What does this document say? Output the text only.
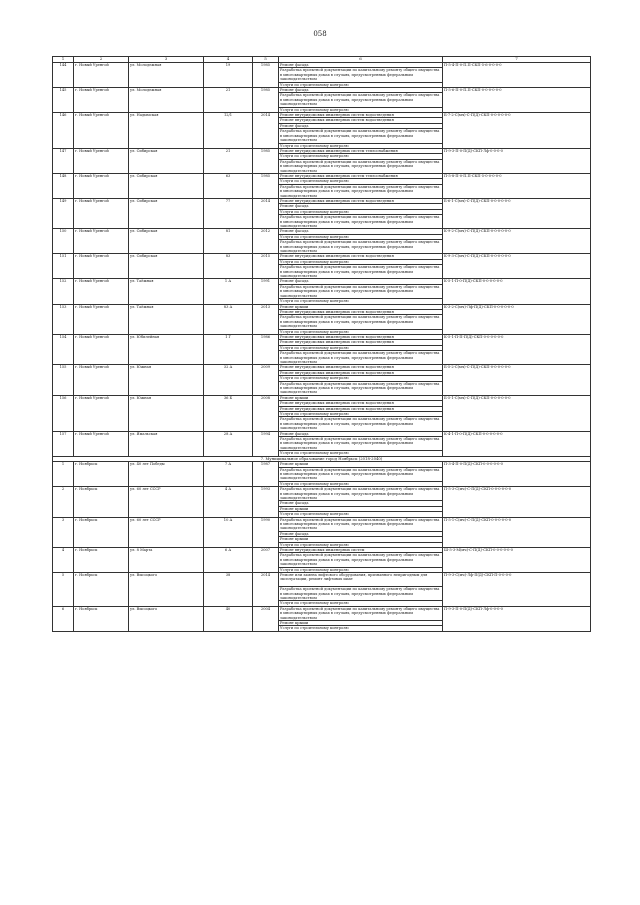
058
1	2	3	4	5	6	7
144	г. Новый Уренгой	ул. Молодежная	19	1985	Ремонт фасада	П-5-4-П-0-П.П-СКП-5-6-0-0-0-0
					Разработка проектной документации по капитальному ремонту общего имущества в многоквартирных домах в случаях, предусмотренных федеральным законодательством	
					Услуги по строительному контролю	
145	г. Новый Уренгой	ул. Молодежная	21	1985	Ремонт фасада	П-5-6-П-0-П.П-СКП-0-0-0-0-0-0
					Разработка проектной документации по капитальному ремонту общего имущества в многоквартирных домах в случаях, предусмотренных федеральным законодательством	
					Услуги по строительному контролю	
146	г. Новый Уренгой	ул. Надымская	12/1	2014	Ремонт внутридомовых инженерных систем водоотведения	Б-7-2-С(мч)-С-П(Д)-СКП-0-0-0-0-0-0
					Ремонт внутридомовых инженерных систем водоотведения	
					Ремонт фасада	
					Разработка проектной документации по капитальному ремонту общего имущества в многоквартирных домах в случаях, предусмотренных федеральным законодательством	
					Услуги по строительному контролю	
147	г. Новый Уренгой	ул. Сибирская	21	1985	Ремонт внутридомовых инженерных систем теплоснабжения	П-9-3-П-0-П(Д)-СКП-Лф-0-0-0-0
					Услуги по строительному контролю	
					Разработка проектной документации по капитальному ремонту общего имущества в многоквартирных домах в случаях, предусмотренных федеральным законодательством	
148	г. Новый Уренгой	ул. Сибирская	63	1985	Ремонт внутридомовых инженерных систем теплоснабжения	П-5-8-П-0-П.П-СКП-5-0-0-0-0-0
					Услуги по строительному контролю	
					Разработка проектной документации по капитальному ремонту общего имущества в многоквартирных домах в случаях, предусмотренных федеральным законодательством	
149	г. Новый Уренгой	ул. Сибирская	77	2014	Ремонт внутридомовых инженерных систем водоотведения	Б-6-1-С(мч)-С-П(Д)-СКП-0-0-0-0-0-0
					Ремонт фасада	
					Услуги по строительному контролю	
					Разработка проектной документации по капитальному ремонту общего имущества в многоквартирных домах в случаях, предусмотренных федеральным законодательством	
150	г. Новый Уренгой	ул. Сибирская	81	2012	Ремонт фасада	К-9-2-С(мч)-С-П(Д)-СКП-0-0-0-0-0-0
					Услуги по строительному контролю	
					Разработка проектной документации по капитальному ремонту общего имущества в многоквартирных домах в случаях, предусмотренных федеральным законодательством	
151	г. Новый Уренгой	ул. Сибирская	83	2015	Ремонт внутридомовых инженерных систем водоотведения	К-9-3-С(мч)-С-П(Д)-СКП-0-0-0-0-0-0
					Услуги по строительному контролю	
					Разработка проектной документации по капитальному ремонту общего имущества в многоквартирных домах в случаях, предусмотренных федеральным законодательством	
152	г. Новый Уренгой	ул. Таёжная	1 А	1991	Ремонт фасада	К-5-1-П-0-П(Д)-СКП-0-0-0-0-0-0
					Разработка проектной документации по капитальному ремонту общего имущества в многоквартирных домах в случаях, предусмотренных федеральным законодательством	
					Услуги по строительному контролю	
153	г. Новый Уренгой	ул. Таёжная	83 А	2013	Ремонт крыши	К-3-2-С(мч)-Лф-П(Д)-СКП-0-0-0-0-0-0
					Ремонт внутридомовых инженерных систем водоотведения	
					Разработка проектной документации по капитальному ремонту общего имущества в многоквартирных домах в случаях, предусмотренных федеральным законодательством	
					Услуги по строительному контролю	
154	г. Новый Уренгой	ул. Юбилейная	1 Г	1986	Ремонт внутридомовых инженерных систем водоотведения	К-5-1-П-П-П(Д)-СКП-0-0-0-0-0-0
					Ремонт внутридомовых инженерных систем водоотведения	
					Услуги по строительному контролю	
					Разработка проектной документации по капитальному ремонту общего имущества в многоквартирных домах в случаях, предусмотренных федеральным законодательством	
155	г. Новый Уренгой	ул. Южная	32 А	2009	Ремонт внутридомовых инженерных систем водоотведения	Б-5-2-С(мч)-С-П(Д)-СКП-0-0-0-0-0-0
					Ремонт внутридомовых инженерных систем водоотведения	
					Услуги по строительному контролю	
					Разработка проектной документации по капитальному ремонту общего имущества в многоквартирных домах в случаях, предусмотренных федеральным законодательством	
156	г. Новый Уренгой	ул. Южная	36 Б	2008	Ремонт крыши	Б-5-1-С(мч)-С-П(Д)-СКП-0-0-0-0-0-0
					Ремонт внутридомовых инженерных систем водоотведения	
					Ремонт внутридомовых инженерных систем водоотведения	
					Услуги по строительному контролю	
					Разработка проектной документации по капитальному ремонту общего имущества в многоквартирных домах в случаях, предусмотренных федеральным законодательством	
157	г. Новый Уренгой	ул. Ямальская	28 А	1994	Ремонт фасада	К-4-1-П-0-П(Д)-СКП-0-0-0-0-0-0
					Разработка проектной документации по капитальному ремонту общего имущества в многоквартирных домах в случаях, предусмотренных федеральным законодательством	
					Услуги по строительному контролю	
7. Муниципальное образование город Ноябрьск (2018-2040)						
1	г. Ноябрьск	ул. 40 лет Победы	7 А	1987	Ремонт крыши	П-3-4-П-0-П(Д)-СКП-0-0-0-0-0-0
					Разработка проектной документации по капитальному ремонту общего имущества в многоквартирных домах в случаях, предусмотренных федеральным законодательством	
					Услуги по строительному контролю	
2	г. Ноябрьск	ул. 60 лет СССР	4 А	1993	Разработка проектной документации по капитальному ремонту общего имущества в многоквартирных домах в случаях, предусмотренных федеральным законодательством	П-5-3-С(мч)-С-П(Д)-СКП-0-0-0-0-0-0
					Ремонт фасада	
					Ремонт крыши	
					Услуги по строительному контролю	
3	г. Ноябрьск	ул. 60 лет СССР	10 А	1990	Разработка проектной документации по капитальному ремонту общего имущества в многоквартирных домах в случаях, предусмотренных федеральным законодательством	П-5-1-С(мч)-С-П(Д)-СКП-0-0-0-0-0-0
					Ремонт фасада	
					Ремонт крыши	
					Услуги по строительному контролю	
4	г. Ноябрьск	ул. 8 Марта	6 А	2007	Ремонт внутридомовых инженерных систем	Ш-5-3-М(мч)-С-П(Д)-СКП-0-0-0-0-0-0
					Разработка проектной документации по капитальному ремонту общего имущества в многоквартирных домах в случаях, предусмотренных федеральным законодательством	
					Услуги по строительному контролю	
5	г. Ноябрьск	ул. Высоцкого	38	2014	Ремонт или замена лифтового оборудования, признанного непригодным для эксплуатации, ремонт лифтовых шахт	П-9-3-С(мч)-Лф-П(Д)-СКП-П-0-0-0-0
					Разработка проектной документации по капитальному ремонту общего имущества в многоквартирных домах в случаях, предусмотренных федеральным законодательством	
					Услуги по строительному контролю	
6	г. Ноябрьск	ул. Высоцкого	40	2004	Разработка проектной документации по капитальному ремонту общего имущества в многоквартирных домах в случаях, предусмотренных федеральным законодательством	П-9-3-П-0-П(Д)-СКП-Лф-0-0-0-0
					Ремонт крыши	
					Услуги по строительному контролю	
